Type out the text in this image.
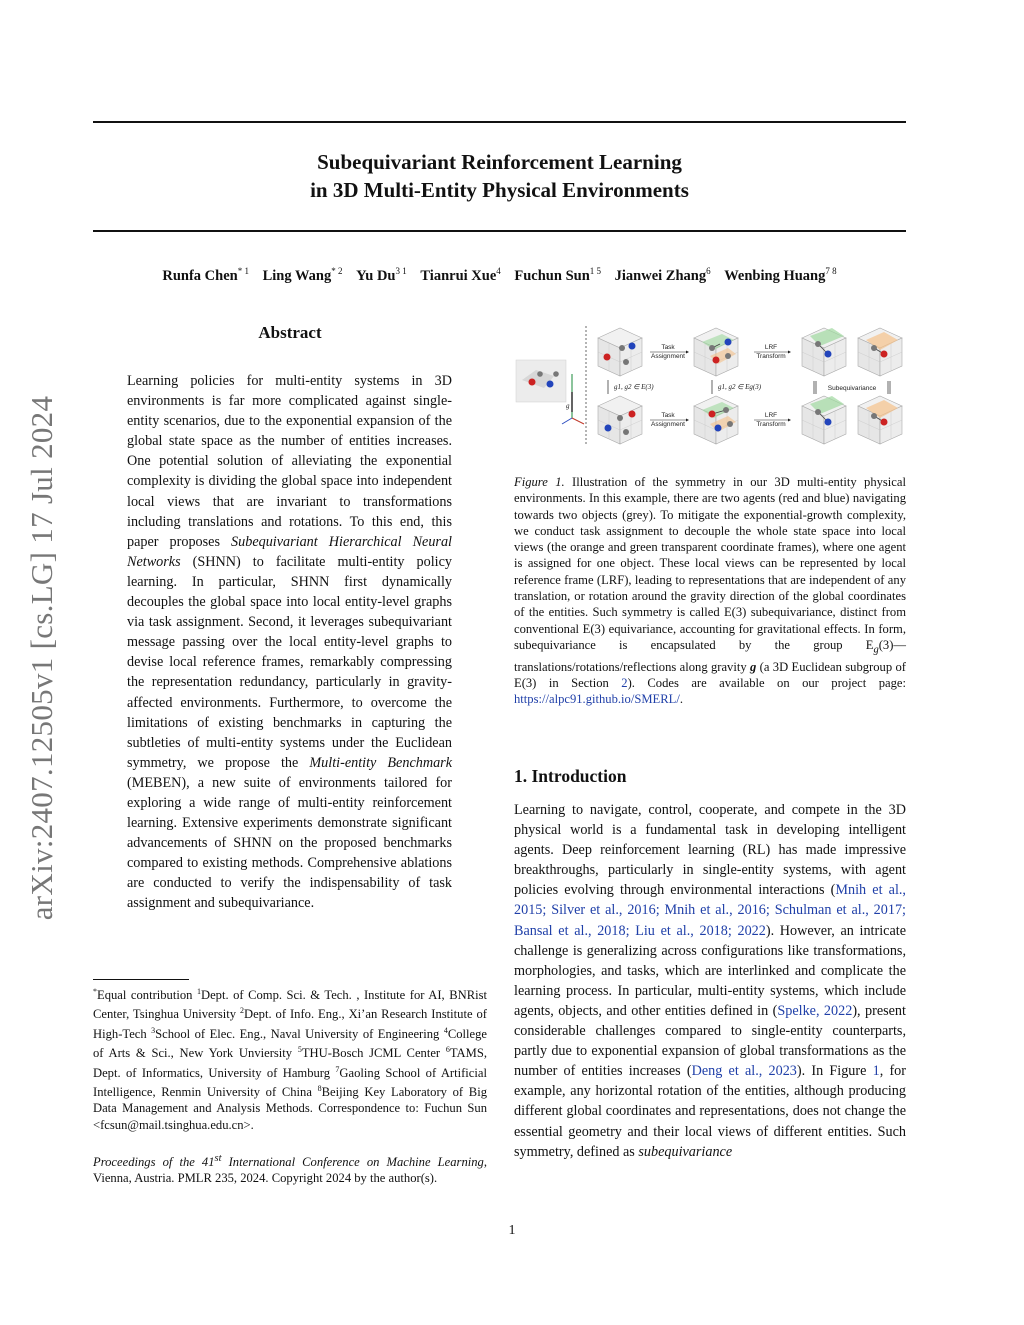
arXiv:2407.12505v1 [cs.LG] 17 Jul 2024
Subequivariant Reinforcement Learning
in 3D Multi-Entity Physical Environments
Runfa Chen$^{* 1}$ Ling Wang$^{* 2}$ Yu $Du^{3 1}$ Tianrui Xue$^4$ Fuchun Sun$^{1 5}$ Jianwei Zhang$^6$ Wenbing Huang$^{7 8}$
Abstract
Learning policies for multi-entity systems in 3D environments is far more complicated against single-entity scenarios, due to the exponential expansion of the global state space as the number of entities increases. One potential solution of alleviating the exponential complexity is dividing the global space into independent local views that are invariant to transformations including translations and rotations. To this end, this paper proposes Subequivariant Hierarchical Neural Networks (SHNN) to facilitate multi-entity policy learning. In particular, SHNN first dynamically decouples the global space into local entity-level graphs via task assignment. Second, it leverages subequivariant message passing over the local entity-level graphs to devise local reference frames, remarkably compressing the representation redundancy, particularly in gravity-affected environments. Furthermore, to overcome the limitations of existing benchmarks in capturing the subtleties of multi-entity systems under the Euclidean symmetry, we propose the Multi-entity Benchmark (MEBEN), a new suite of environments tailored for exploring a wide range of multi-entity reinforcement learning. Extensive experiments demonstrate significant advancements of SHNN on the proposed benchmarks compared to existing methods. Comprehensive ablations are conducted to verify the indispensability of task assignment and subequivariance.
*Equal contribution $^1$Dept. of Comp. Sci. & Tech. , Institute for AI, BNRist Center, Tsinghua University $^2$Dept. of Info. Eng., Xi’an Research Institute of High-Tech $^3$School of Elec. Eng., Naval University of Engineering $^4$College of Arts & Sci., New York Unviersity $^5$THU-Bosch JCML Center $^6$TAMS, Dept. of Informatics, University of Hamburg $^7$Gaoling School of Artificial Intelligence, Renmin University of China $^8$Beijing Key Laboratory of Big Data Management and Analysis Methods. Correspondence to: Fuchun Sun <fcsun@mail.tsinghua.edu.cn>.
Proceedings of the 41st International Conference on Machine Learning, Vienna, Austria. PMLR 235, 2024. Copyright 2024 by the author(s).
g
Task
Assignment
LRF
Transform
g1, g2 ∈ E(3)	g1, g2 ∈ Eg(3)	Subequivariance
Task
Assignment
LRF
Transform
Figure 1. Illustration of the symmetry in our 3D multi-entity physical environments. In this example, there are two agents (red and blue) navigating towards two objects (grey). To mitigate the exponential-growth complexity, we conduct task assignment to decouple the whole state space into local views (the orange and green transparent coordinate frames), where one agent is assigned for one object. These local views can be represented by local reference frame (LRF), leading to representations that are independent of any translation, or rotation around the gravity direction of the global coordinates of the entities. Such symmetry is called E(3) subequivariance, distinct from conventional E(3) equivariance, accounting for gravitational effects. In form, subequivariance is encapsulated by the group $E_g(3)—translations/rotations$/reflections along gravity g (a 3D Euclidean subgroup of E(3) in Section 2). Codes are available on our project page: https://alpc91.github.io/SMERL/.
1. Introduction
Learning to navigate, control, cooperate, and compete in the 3D physical world is a fundamental task in developing intelligent agents. Deep reinforcement learning (RL) has made impressive breakthroughs, particularly in single-entity systems, with agent policies evolving through environmental interactions (Mnih et al., 2015; Silver et al., 2016; Mnih et al., 2016; Schulman et al., 2017; Bansal et al., 2018; Liu et al., 2018; 2022). However, an intricate challenge is generalizing across configurations like transformations, morphologies, and tasks, which are interlinked and complicate the learning process. In particular, multi-entity systems, which include agents, objects, and other entities defined in (Spelke, 2022), present considerable challenges compared to single-entity counterparts, partly due to exponential expansion of global transformations as the number of entities increases (Deng et al., 2023). In Figure 1, for example, any horizontal rotation of the entities, although producing different global coordinates and representations, does not change the essential geometry and their local views of different entities. Such symmetry, defined as subequivariance
1
